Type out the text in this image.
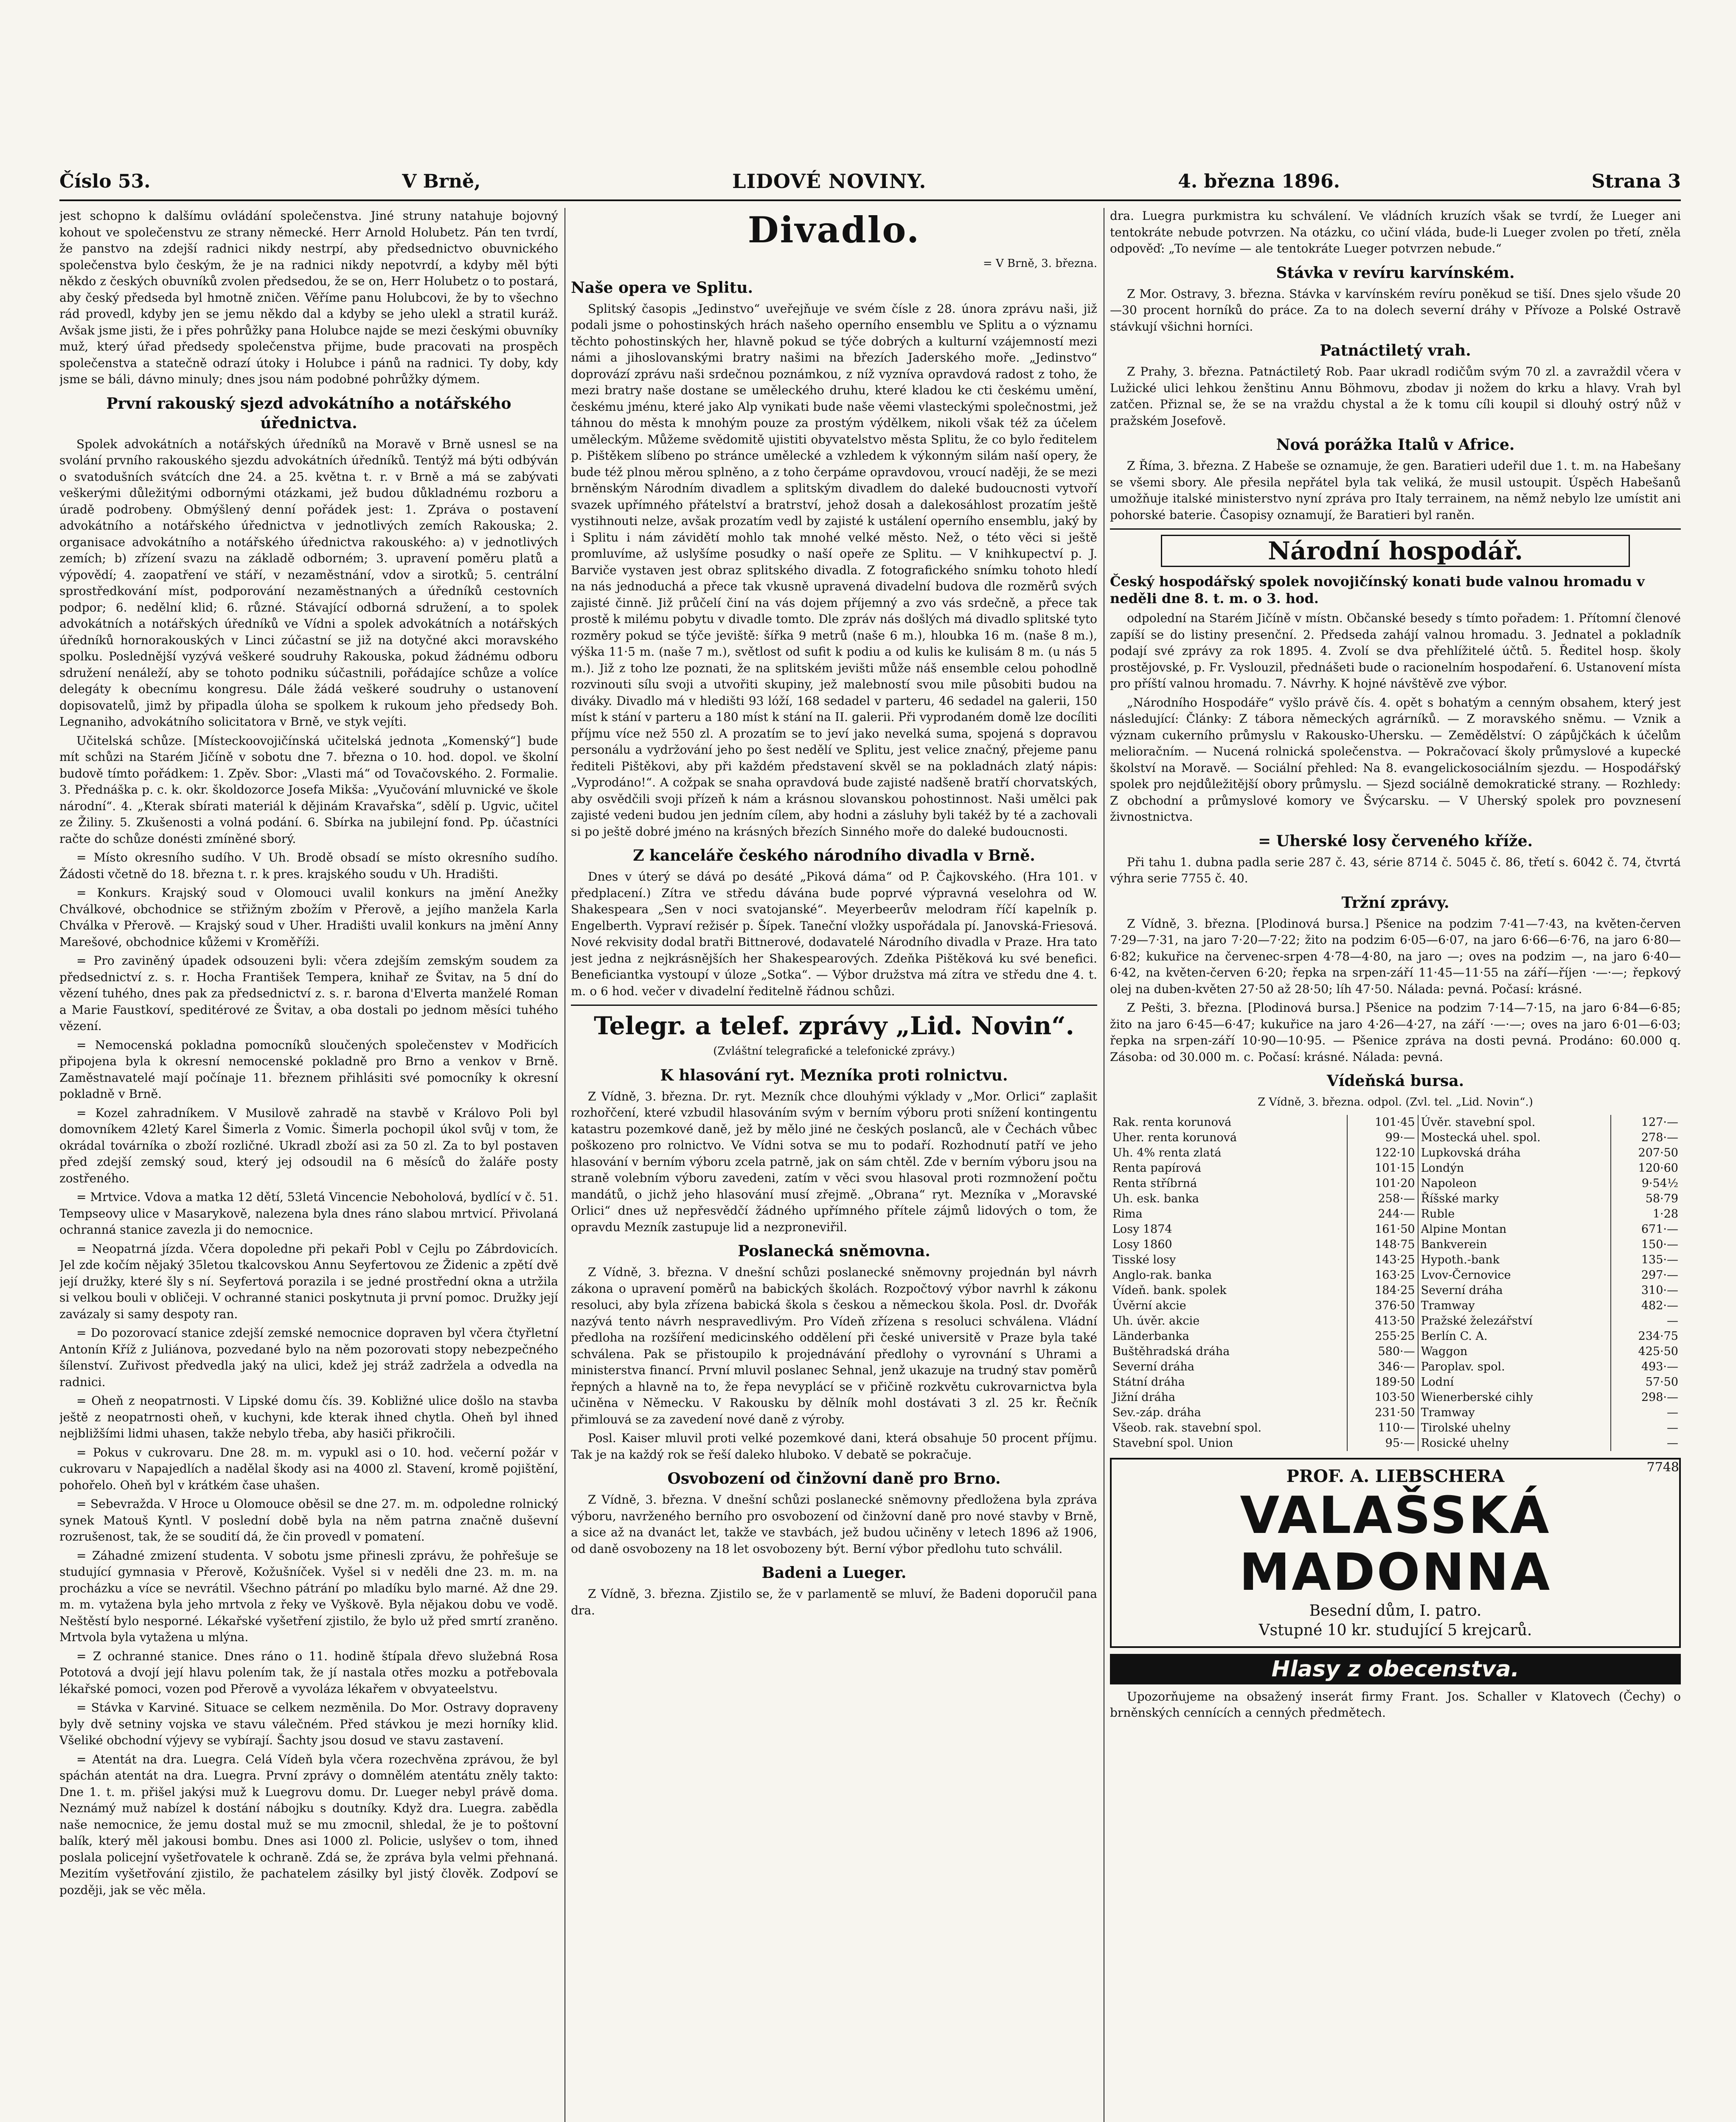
Číslo 53.	V Brně,	LIDOVÉ NOVINY.	4. března 1896.	Strana 3

jest schopno k dalšímu ovládání společenstva. Jiné struny natahuje bojovný kohout ve společenstvu ze strany německé. Herr Arnold Holubetz. Pán ten tvrdí, že panstvo na zdejší radnici nikdy nestrpí, aby předsednictvo obuvnického společenstva bylo českým, že je na radnici nikdy nepotvrdí, a kdyby měl býti někdo z českých obuvníků zvolen předsedou, že se on, Herr Holubetz o to postará, aby český předseda byl hmotně zničen. Věříme panu Holubcovi, že by to všechno rád provedl, kdyby jen se jemu někdo dal a kdyby se jeho ulekl a stratil kuráž. Avšak jsme jisti, že i přes pohrůžky pana Holubce najde se mezi českými obuvníky muž, který úřad předsedy společenstva přijme, bude pracovati na prospěch společenstva a statečně odrazí útoky i Holubce i pánů na radnici. Ty doby, kdy jsme se báli, dávno minuly; dnes jsou nám podobné pohrůžky dýmem.

První rakouský sjezd advokátního a notářského úřednictva.

Spolek advokátních a notářských úředníků na Moravě v Brně usnesl se na svolání prvního rakouského sjezdu advokátních úředníků. Tentýž má býti odbýván o svatodušních svátcích dne 24. a 25. května t. r. v Brně a má se zabývati veškerými důležitými odbornými otázkami, jež budou důkladnému rozboru a úradě podrobeny. Obmýšlený denní pořádek jest: 1. Zpráva o postavení advokátního a notářského úřednictva v jednotlivých zemích Rakouska; 2. organisace advokátního a notářského úřednictva rakouského: a) v jednotlivých zemích; b) zřízení svazu na základě odborném; 3. upravení poměru platů a výpovědí; 4. zaopatření ve stáří, v nezaměstnání, vdov a sirotků; 5. centrální sprostředkování míst, podporování nezaměstnaných a úředníků cestovních podpor; 6. nedělní klid; 6. různé. Stávající odborná sdružení, a to spolek advokátních a notářských úředníků ve Vídni a spolek advokátních a notářských úředníků hornorakouských v Linci zúčastní se již na dotyčné akci moravského spolku. Poslednější vyzývá veškeré soudruhy Rakouska, pokud žádnému odboru sdružení nenáleží, aby se tohoto podniku súčastnili, pořádajíce schůze a volíce delegáty k obecnímu kongresu. Dále žádá veškeré soudruhy o ustanovení dopisovatelů, jimž by připadla úloha se spolkem k rukoum jeho předsedy Boh. Legnaniho, advokátního solicitatora v Brně, ve styk vejíti.

Učitelská schůze. [Místeckoovojičínská učitelská jednota „Komenský“] bude mít schůzi na Starém Jičíně v sobotu dne 7. března o 10. hod. dopol. ve školní budově tímto pořádkem: 1. Zpěv. Sbor: „Vlasti má“ od Tovačovského. 2. Formalie. 3. Přednáška p. c. k. okr. školdozorce Josefa Mikša: „Vyučování mluvnické ve škole národní“. 4. „Kterak sbírati materiál k dějinám Kravařska“, sdělí p. Ugvic, učitel ze Žiliny. 5. Zkušenosti a volná podání. 6. Sbírka na jubilejní fond. Pp. účastníci račte do schůze donésti zmíněné sborý.

= Místo okresního sudího. V Uh. Brodě obsadí se místo okresního sudího. Žádosti včetně do 18. března t. r. k pres. krajského soudu v Uh. Hradišti.

= Konkurs. Krajský soud v Olomouci uvalil konkurs na jmění Anežky Chválkové, obchodnice se střižným zbožím v Přerově, a jejího manžela Karla Chválka v Přerově. — Krajský soud v Uher. Hradišti uvalil konkurs na jmění Anny Marešové, obchodnice kůžemi v Kroměříži.

= Pro zaviněný úpadek odsouzeni byli: včera zdejším zemským soudem za předsednictví z. s. r. Hocha František Tempera, knihař ze Švitav, na 5 dní do vězení tuhého, dnes pak za předsednictví z. s. r. barona d'Elverta manželé Roman a Marie Faustkoví, speditérové ze Švitav, a oba dostali po jednom měsíci tuhého vězení.

= Nemocenská pokladna pomocníků sloučených společenstev v Modřicích připojena byla k okresní nemocenské pokladně pro Brno a venkov v Brně. Zaměstnavatelé mají počínaje 11. březnem přihlásiti své pomocníky k okresní pokladně v Brně.

= Kozel zahradníkem. V Musilově zahradě na stavbě v Královo Poli byl domovníkem 42letý Karel Šimerla z Vomic. Šimerla pochopil úkol svůj v tom, že okrádal továrníka o zboží rozličné. Ukradl zboží asi za 50 zl. Za to byl postaven před zdejší zemský soud, který jej odsoudil na 6 měsíců do žaláře posty zostřeného.

= Mrtvice. Vdova a matka 12 dětí, 53letá Vincencie Neboholová, bydlící v č. 51. Tempseovy ulice v Masarykově, nalezena byla dnes ráno slabou mrtvicí. Přivolaná ochranná stanice zavezla ji do nemocnice.

= Neopatrná jízda. Včera dopoledne při pekaři Pobl v Cejlu po Zábrdovicích. Jel zde kočím nějaký 35letou tkalcovskou Annu Seyfertovou ze Židenic a zpětí dvě její družky, které šly s ní. Seyfertová porazila i se jedné prostřední okna a utržila si velkou bouli v obličeji. V ochranné stanici poskytnuta ji první pomoc. Družky její zavázaly si samy despoty ran.

= Do pozorovací stanice zdejší zemské nemocnice dopraven byl včera čtyřletní Antonín Kříž z Juliánova, pozvedané bylo na něm pozorovati stopy nebezpečného šílenství. Zuřivost předvedla jaký na ulici, kdež jej stráž zadržela a odvedla na radnici.

= Oheň z neopatrnosti. V Lipské domu čís. 39. Kobližné ulice došlo na stavba ještě z neopatrnosti oheň, v kuchyni, kde kterak ihned chytla. Oheň byl ihned nejbližšími lidmi uhasen, takže nebylo třeba, aby hasiči přikročili.

= Pokus v cukrovaru. Dne 28. m. m. vypukl asi o 10. hod. večerní požár v cukrovaru v Napajedlích a nadělal škody asi na 4000 zl. Stavení, kromě pojištění, pohořelo. Oheň byl v krátkém čase uhašen.

= Sebevražda. V Hroce u Olomouce oběsil se dne 27. m. m. odpoledne rolnický synek Matouš Kyntl. V poslední době byla na něm patrna značně duševní rozrušenost, tak, že se soudití dá, že čin provedl v pomatení.

= Záhadné zmizení studenta. V sobotu jsme přinesli zprávu, že pohřešuje se studující gymnasia v Přerově, Kožušníček. Vyšel si v neděli dne 23. m. m. na procházku a více se nevrátil. Všechno pátrání po mladíku bylo marné. Až dne 29. m. m. vytažena byla jeho mrtvola z řeky ve Vyškově. Byla nějakou dobu ve vodě. Neštěstí bylo nesporné. Lékařské vyšetření zjistilo, že bylo už před smrtí zraněno. Mrtvola byla vytažena u mlýna.

= Z ochranné stanice. Dnes ráno o 11. hodině štípala dřevo služebná Rosa Pototová a dvojí její hlavu polením tak, že jí nastala otřes mozku a potřebovala lékařské pomoci, vozen pod Přerově a vyvoláza lékařem v obvyateelstvu.

= Stávka v Karviné. Situace se celkem nezměnila. Do Mor. Ostravy dopraveny byly dvě setniny vojska ve stavu válečném. Před stávkou je mezi horníky klid. Všeliké obchodní výjevy se vybírají. Šachty jsou dosud ve stavu zastavení.

= Atentát na dra. Luegra. Celá Vídeň byla včera rozechvěna zprávou, že byl spáchán atentát na dra. Luegra. První zprávy o domnělém atentátu zněly takto: Dne 1. t. m. přišel jakýsi muž k Luegrovu domu. Dr. Lueger nebyl právě doma. Neznámý muž nabízel k dostání nábojku s doutníky. Když dra. Luegra. zabědla naše nemocnice, že jemu dostal muž se mu zmocnil, shledal, že je to poštovní balík, který měl jakousi bombu. Dnes asi 1000 zl. Policie, uslyšev o tom, ihned poslala policejní vyšetřovatele k ochraně. Zdá se, že zpráva byla velmi přehnaná. Mezitím vyšetřování zjistilo, že pachatelem zásilky byl jistý člověk. Zodpoví se později, jak se věc měla.

Divadlo.
= V Brně, 3. března.
Naše opera ve Splitu.

Splitský časopis „Jedinstvo“ uveřejňuje ve svém čísle z 28. února zprávu naši, již podali jsme o pohostinských hrách našeho operního ensemblu ve Splitu a o významu těchto pohostinských her, hlavně pokud se týče dobrých a kulturní vzájemností mezi námi a jihoslovanskými bratry našimi na březích Jaderského moře. „Jedinstvo“ doprovází zprávu naši srdečnou poznámkou, z níž vyzníva opravdová radost z toho, že mezi bratry naše dostane se uměleckého druhu, které kladou ke cti českému umění, českému jménu, které jako Alp vynikati bude naše věemi vlasteckými společnostmi, jež táhnou do města k mnohým pouze za prostým výdělkem, nikoli však též za účelem uměleckým. Můžeme svědomitě ujistiti obyvatelstvo města Splitu, že co bylo ředitelem p. Pištěkem slíbeno po stránce umělecké a vzhledem k výkonným silám naší opery, že bude též plnou měrou splněno, a z toho čerpáme opravdovou, vroucí naději, že se mezi brněnským Národním divadlem a splitským divadlem do daleké budoucnosti vytvoří svazek upřímného přátelství a bratrství, jehož dosah a dalekosáhlost prozatím ještě vystihnouti nelze, avšak prozatím vedl by zajisté k ustálení operního ensemblu, jaký by i Splitu i nám závidětí mohlo tak mnohé velké město. Než, o této věci si ještě promluvíme, až uslyšíme posudky o naší opeře ze Splitu. — V knihkupectví p. J. Barviče vystaven jest obraz splitského divadla. Z fotografického snímku tohoto hledí na nás jednoduchá a přece tak vkusně upravená divadelní budova dle rozměrů svých zajisté činně. Již průčelí činí na vás dojem příjemný a zvo vás srdečně, a přece tak prostě k milému pobytu v divadle tomto. Dle zpráv nás došlých má divadlo splitské tyto rozměry pokud se týče jeviště: šířka 9 metrů (naše 6 m.), hloubka 16 m. (naše 8 m.), výška 11·5 m. (naše 7 m.), světlost od sufit k podiu a od kulis ke kulisám 8 m. (u nás 5 m.). Již z toho lze poznati, že na splitském jevišti může náš ensemble celou pohodlně rozvinouti sílu svoji a utvořiti skupiny, jež malebností svou mile působiti budou na diváky. Divadlo má v hledišti 93 lóží, 168 sedadel v parteru, 46 sedadel na galerii, 150 míst k stání v parteru a 180 míst k stání na II. galerii. Při vyprodaném domě lze docíliti příjmu více než 550 zl. A prozatím se to jeví jako nevelká suma, spojená s dopravou personálu a vydržování jeho po šest nedělí ve Splitu, jest velice značný, přejeme panu řediteli Pištěkovi, aby při každém představení skvěl se na pokladnách zlatý nápis: „Vyprodáno!“. A cožpak se snaha opravdová bude zajisté nadšeně bratří chorvatských, aby osvědčili svoji přízeň k nám a krásnou slovanskou pohostinnost. Naši umělci pak zajisté vedeni budou jen jedním cílem, aby hodni a zásluhy byli takéž by té a zachovali si po ještě dobré jméno na krásných březích Sinného moře do daleké budoucnosti.

Z kanceláře českého národního divadla v Brně.

Dnes v úterý se dává po desáté „Piková dáma“ od P. Čajkovského. (Hra 101. v předplacení.) Zítra ve středu dávána bude poprvé výpravná veselohra od W. Shakespeara „Sen v noci svatojanské“. Meyerbeerův melodram říčí kapelník p. Engelberth. Vypraví režisér p. Šípek. Taneční vložky uspořádala pí. Janovská-Friesová. Nové rekvisity dodal bratři Bittnerové, dodavatelé Národního divadla v Praze. Hra tato jest jedna z nejkrásnějších her Shakespearových. Zdeňka Pištěková ku své benefici. Beneficiantka vystoupí v úloze „Sotka“. — Výbor družstva má zítra ve středu dne 4. t. m. o 6 hod. večer v divadelní ředitelně řádnou schůzi.

Telegr. a telef. zprávy „Lid. Novin“.
(Zvláštní telegrafické a telefonické zprávy.)
K hlasování ryt. Mezníka proti rolnictvu.

Z Vídně, 3. března. Dr. ryt. Mezník chce dlouhými výklady v „Mor. Orlici“ zaplašit rozhořčení, které vzbudil hlasováním svým v berním výboru proti snížení kontingentu katastru pozemkové daně, jež by mělo jiné ne českých poslanců, ale v Čechách vůbec poškozeno pro rolnictvo. Ve Vídni sotva se mu to podaří. Rozhodnutí patří ve jeho hlasování v berním výboru zcela patrně, jak on sám chtěl. Zde v berním výboru jsou na straně volebním výboru zavedeni, zatím v věci svou hlasoval proti rozmnožení počtu mandátů, o jichž jeho hlasování musí zřejmě. „Obrana“ ryt. Mezníka v „Moravské Orlici“ dnes už nepřesvědčí žádného upřímného přítele zájmů lidových o tom, že opravdu Mezník zastupuje lid a nezproneviřil.

Poslanecká sněmovna.

Z Vídně, 3. března. V dnešní schůzi poslanecké sněmovny projednán byl návrh zákona o upravení poměrů na babických školách. Rozpočtový výbor navrhl k zákonu resoluci, aby byla zřízena babická škola s českou a německou škola. Posl. dr. Dvořák nazývá tento návrh nespravedlivým. Pro Vídeň zřízena s resoluci schválena. Vládní předloha na rozšíření medicinského oddělení při české universitě v Praze byla také schválena. Pak se přistoupilo k projednávání předlohy o vyrovnání s Uhrami a ministerstva financí. První mluvil poslanec Sehnal, jenž ukazuje na trudný stav poměrů řepných a hlavně na to, že řepa nevyplácí se v přičině rozkvětu cukrovarnictva byla učiněna v Německu. V Rakousku by dělník mohl dostávati 3 zl. 25 kr. Řečník přimlouvá se za zavedení nové daně z výroby.

Posl. Kaiser mluvil proti velké pozemkové dani, která obsahuje 50 procent příjmu. Tak je na každý rok se řeší daleko hluboko. V debatě se pokračuje.

Osvobození od činžovní daně pro Brno.

Z Vídně, 3. března. V dnešní schůzi poslanecké sněmovny předložena byla zpráva výboru, navrženého berního pro osvobození od činžovní daně pro nové stavby v Brně, a sice až na dvanáct let, takže ve stavbách, jež budou učiněny v letech 1896 až 1906, od daně osvobozeny na 18 let osvobozeny být. Berní výbor předlohu tuto schválil.

Badeni a Lueger.

Z Vídně, 3. března. Zjistilo se, že v parlamentě se mluví, že Badeni doporučil pana dra.

dra. Luegra purkmistra ku schválení. Ve vládních kruzích však se tvrdí, že Lueger ani tentokráte nebude potvrzen. Na otázku, co učiní vláda, bude-li Lueger zvolen po třetí, zněla odpověď: „To nevíme — ale tentokráte Lueger potvrzen nebude.“

Stávka v revíru karvínském.

Z Mor. Ostravy, 3. března. Stávka v karvínském revíru poněkud se tiší. Dnes sjelo všude 20—30 procent horníků do práce. Za to na dolech severní dráhy v Přívoze a Polské Ostravě stávkují všichni horníci.

Patnáctiletý vrah.

Z Prahy, 3. března. Patnáctiletý Rob. Paar ukradl rodičům svým 70 zl. a zavraždil včera v Lužické ulici lehkou ženštinu Annu Böhmovu, zbodav ji nožem do krku a hlavy. Vrah byl zatčen. Přiznal se, že se na vraždu chystal a že k tomu cíli koupil si dlouhý ostrý nůž v pražském Josefově.

Nová porážka Italů v Africe.

Z Říma, 3. března. Z Habeše se oznamuje, že gen. Baratieri udeřil due 1. t. m. na Habešany se všemi sbory. Ale přesila nepřátel byla tak veliká, že musil ustoupit. Úspěch Habešanů umožňuje italské ministerstvo nyní zpráva pro Italy terrainem, na němž nebylo lze umístit ani pohorské baterie. Časopisy oznamují, že Baratieri byl raněn.

Národní hospodář.
Český hospodářský spolek novojičínský konati bude valnou hromadu v neděli dne 8. t. m. o 3. hod.

odpolední na Starém Jičíně v místn. Občanské besedy s tímto pořadem: 1. Přítomní členové zapíší se do listiny presenční. 2. Předseda zahájí valnou hromadu. 3. Jednatel a pokladník podají své zprávy za rok 1895. 4. Zvolí se dva přehlížitelé účtů. 5. Ředitel hosp. školy prostějovské, p. Fr. Vyslouzil, přednášeti bude o racionelním hospodaření. 6. Ustanovení místa pro příští valnou hromadu. 7. Návrhy. K hojné návštěvě zve výbor.

„Národního Hospodáře“ vyšlo právě čís. 4. opět s bohatým a cenným obsahem, který jest následující: Články: Z tábora německých agrárníků. — Z moravského sněmu. — Vznik a význam cukerního průmyslu v Rakousko-Uhersku. — Zemědělství: O zápůjčkách k účelům melioračním. — Nucená rolnická společenstva. — Pokračovací školy průmyslové a kupecké školství na Moravě. — Sociální přehled: Na 8. evangelickosociálním sjezdu. — Hospodářský spolek pro nejdůležitější obory průmyslu. — Sjezd sociálně demokratické strany. — Rozhledy: Z obchodní a průmyslové komory ve Švýcarsku. — V Uherský spolek pro povznesení živnostnictva.

= Uherské losy červeného kříže.

Při tahu 1. dubna padla serie 287 č. 43, série 8714 č. 5045 č. 86, třetí s. 6042 č. 74, čtvrtá výhra serie 7755 č. 40.

Tržní zprávy.

Z Vídně, 3. března. [Plodinová bursa.] Pšenice na podzim 7·41—7·43, na květen-červen 7·29—7·31, na jaro 7·20—7·22; žito na podzim 6·05—6·07, na jaro 6·66—6·76, na jaro 6·80—6·82; kukuřice na červenec-srpen 4·78—4·80, na jaro —; oves na podzim —, na jaro 6·40—6·42, na květen-červen 6·20; řepka na srpen-září 11·45—11·55 na září—říjen ·—·—; řepkový olej na duben-květen 27·50 až 28·50; líh 47·50. Nálada: pevná. Počasí: krásné.

Z Pešti, 3. března. [Plodinová bursa.] Pšenice na podzim 7·14—7·15, na jaro 6·84—6·85; žito na jaro 6·45—6·47; kukuřice na jaro 4·26—4·27, na září ·—·—; oves na jaro 6·01—6·03; řepka na srpen-září 10·90—10·95. — Pšenice zpráva na dosti pevná. Prodáno: 60.000 q. Zásoba: od 30.000 m. c. Počasí: krásné. Nálada: pevná.

Vídeňská bursa.
Z Vídně, 3. března. odpol. (Zvl. tel. „Lid. Novin“.)
Rak. renta korunová	101·45	Úvěr. stavební spol.	127·—
Uher. renta korunová	99·—	Mostecká uhel. spol.	278·—
Uh. 4% renta zlatá	122·10	Lupkovská dráha	207·50
Renta papírová	101·15	Londýn	120·60
Renta stříbrná	101·20	Napoleon	9·54½
Uh. esk. banka	258·—	Říšské marky	58·79
Rima	244·—	Ruble	1·28
Losy 1874	161·50	Alpine Montan	671·—
Losy 1860	148·75	Bankverein	150·—
Tisské losy	143·25	Hypoth.-bank	135·—
Anglo-rak. banka	163·25	Lvov-Černovice	297·—
Vídeň. bank. spolek	184·25	Severní dráha	310·—
Úvěrní akcie	376·50	Tramway	482·—
Uh. úvěr. akcie	413·50	Pražské železářství	—
Länderbanka	255·25	Berlín C. A.	234·75
Buštěhradská dráha	580·—	Waggon	425·50
Severní dráha	346·—	Paroplav. spol.	493·—
Státní dráha	189·50	Lodní	57·50
Jižní dráha	103·50	Wienerberské cihly	298·—
Sev.-záp. dráha	231·50	Tramway	—
Všeob. rak. stavební spol.	110·—	Tirolské uhelny	—
Stavební spol. Union	95·—	Rosické uhelny	—
PROF. A. LIEBSCHERA	7748
VALAŠSKÁ MADONNA
Besední dům, I. patro.
Vstupné 10 kr. studující 5 krejcarů.
Hlasy z obecenstva.

Upozorňujeme na obsažený inserát firmy Frant. Jos. Schaller v Klatovech (Čechy) o brněnských cennících a cenných předmětech.
